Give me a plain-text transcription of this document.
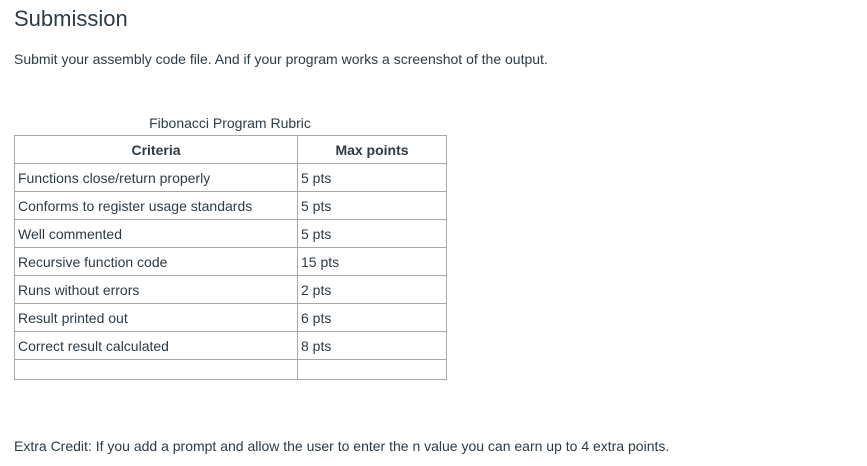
Submission

Submit your assembly code file. And if your program works a screenshot of the output.

Fibonacci Program Rubric
Criteria	Max points
Functions close/return properly	5 pts
Conforms to register usage standards	5 pts
Well commented	5 pts
Recursive function code	15 pts
Runs without errors	2 pts
Result printed out	6 pts
Correct result calculated	8 pts

Extra Credit: If you add a prompt and allow the user to enter the n value you can earn up to 4 extra points.
